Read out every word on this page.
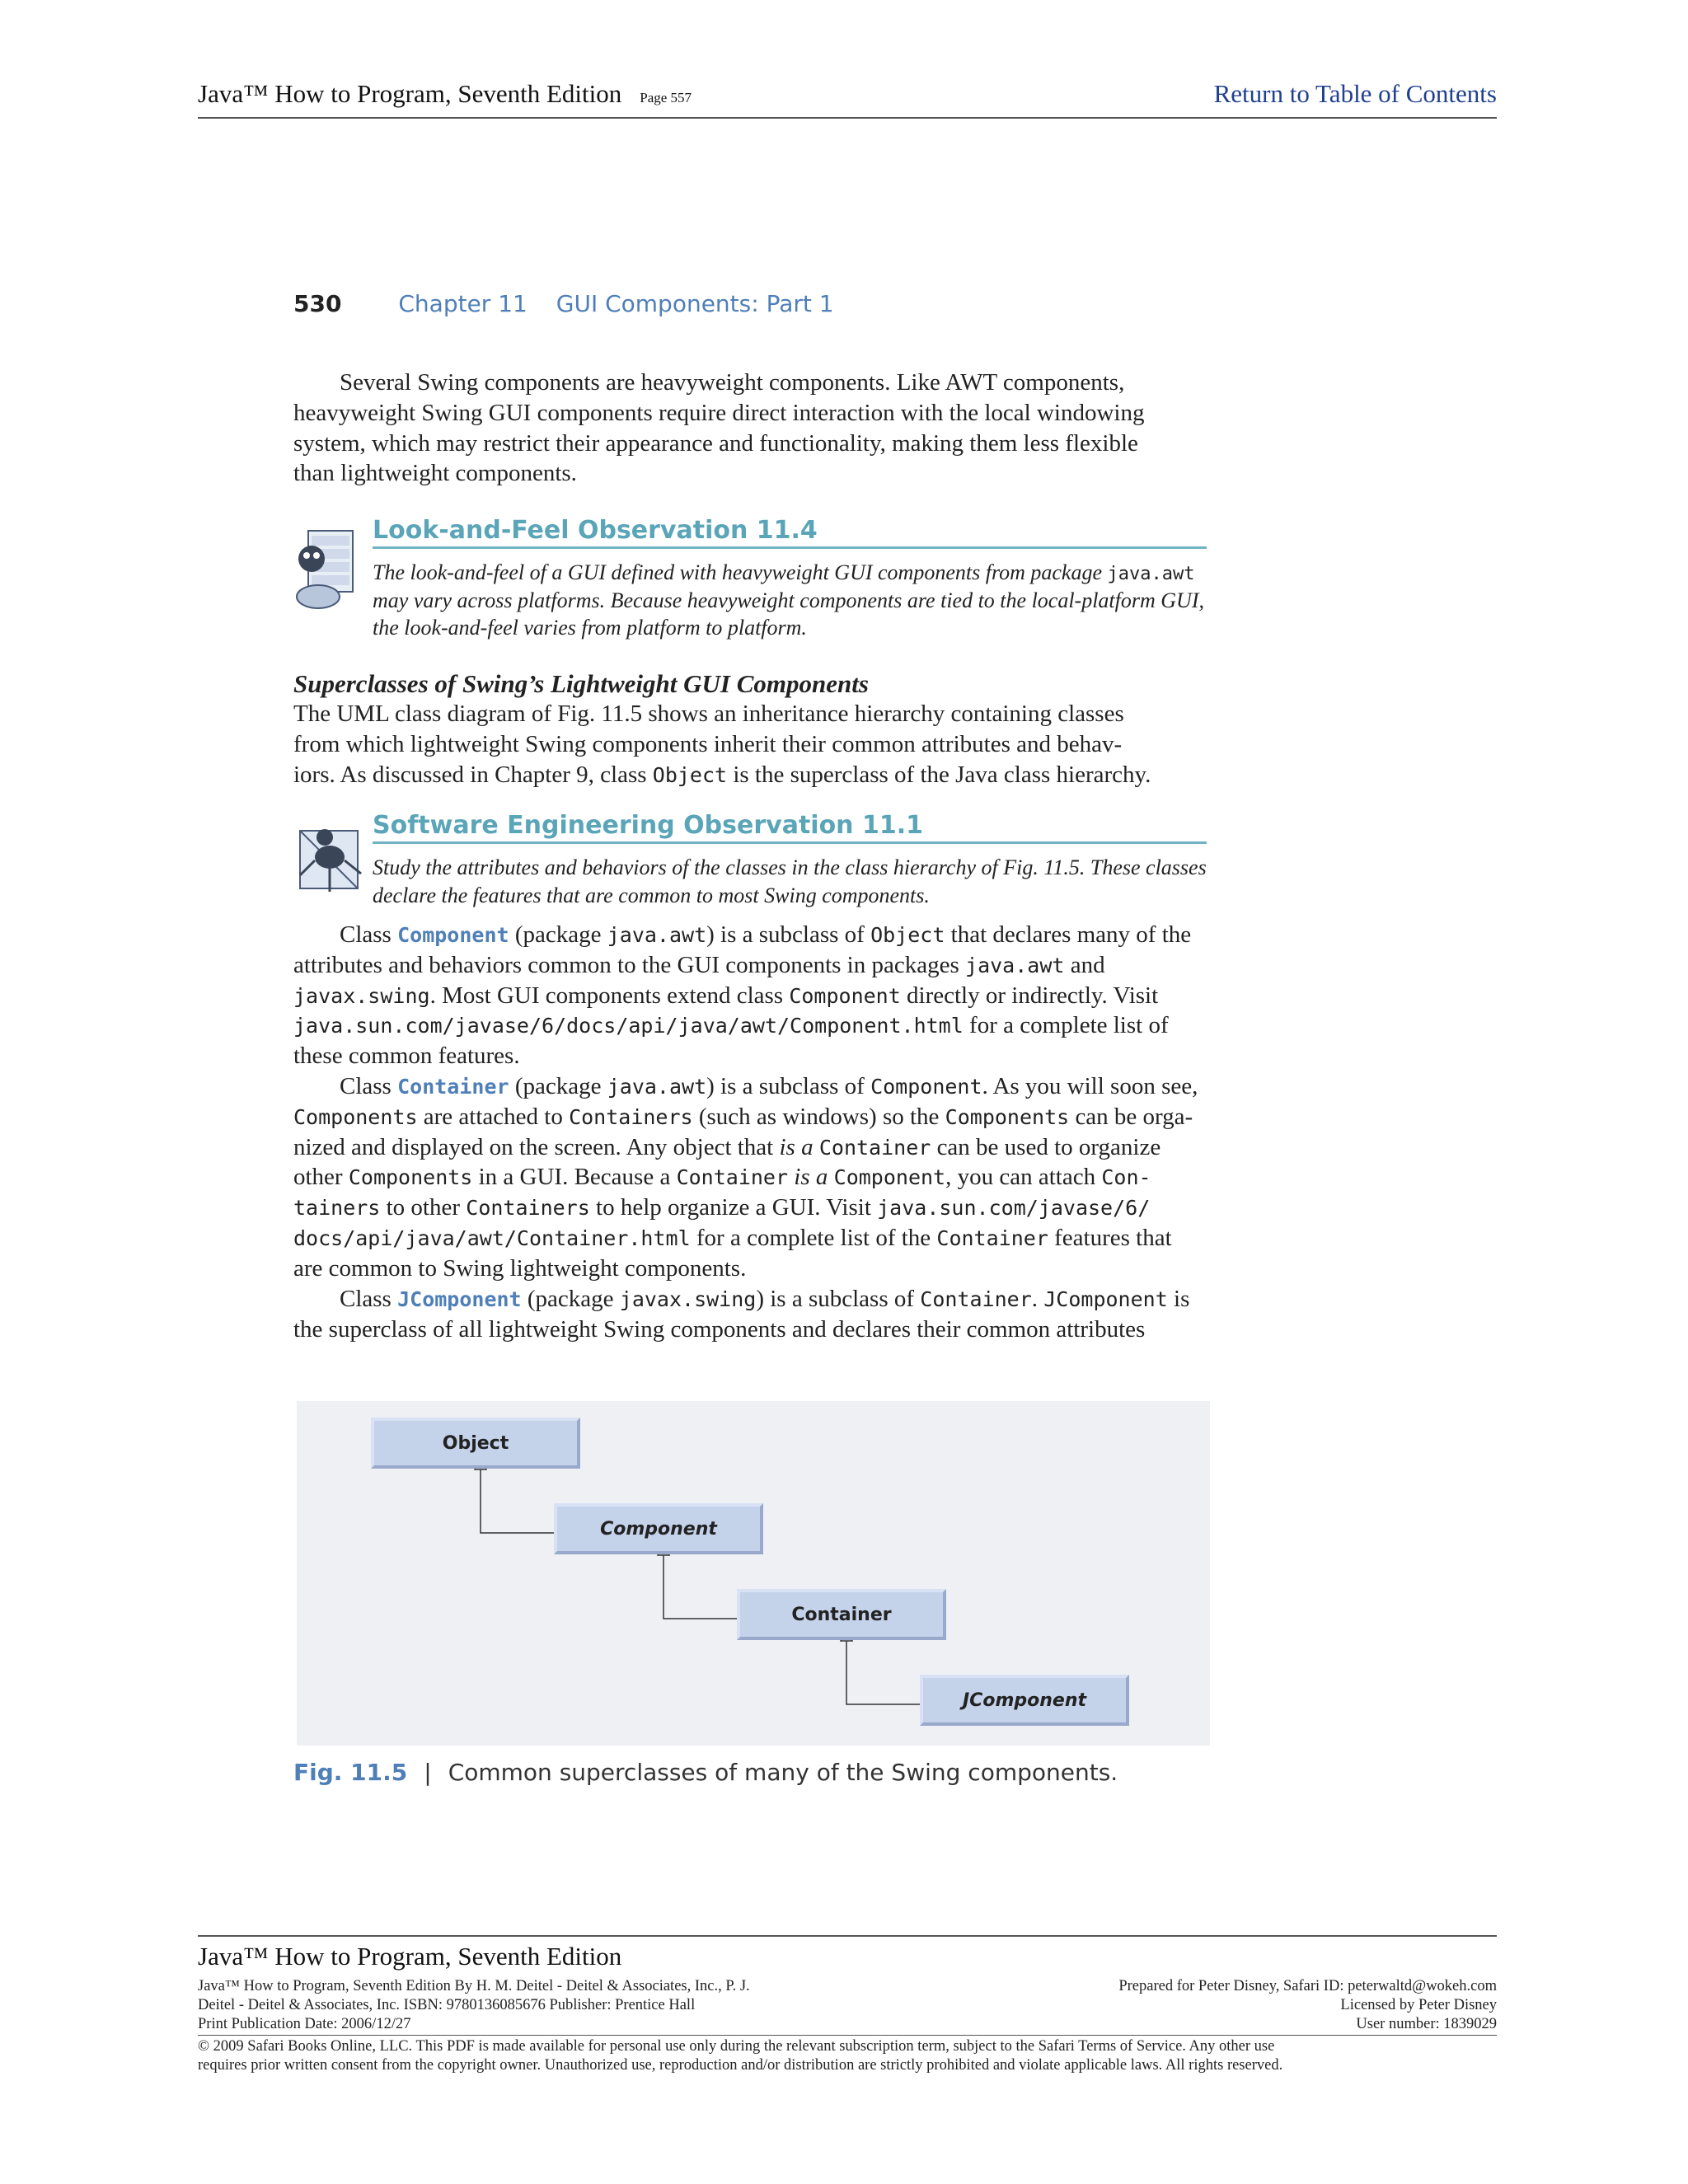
Java™ How to Program, Seventh Edition Page 557	Return to Table of Contents
530 Chapter 11 GUI Components: Part 1
Several Swing components are heavyweight components. Like AWT components,
heavyweight Swing GUI components require direct interaction with the local windowing
system, which may restrict their appearance and functionality, making them less flexible
than lightweight components.
Look-and-Feel Observation 11.4
The look-and-feel of a GUI defined with heavyweight GUI components from package java.awt
may vary across platforms. Because heavyweight components are tied to the local-platform GUI,
the look-and-feel varies from platform to platform.
Superclasses of Swing’s Lightweight GUI Components
The UML class diagram of Fig. 11.5 shows an inheritance hierarchy containing classes
from which lightweight Swing components inherit their common attributes and behav-
iors. As discussed in Chapter 9, class Object is the superclass of the Java class hierarchy.
Software Engineering Observation 11.1
Study the attributes and behaviors of the classes in the class hierarchy of Fig. 11.5. These classes
declare the features that are common to most Swing components.
Class Component (package java.awt) is a subclass of Object that declares many of the
attributes and behaviors common to the GUI components in packages java.awt and
javax.swing. Most GUI components extend class Component directly or indirectly. Visit
java.sun.com/javase/6/docs/api/java/awt/Component.html for a complete list of
these common features.
Class Container (package java.awt) is a subclass of Component. As you will soon see,
Components are attached to Containers (such as windows) so the Components can be orga-
nized and displayed on the screen. Any object that is a Container can be used to organize
other Components in a GUI. Because a Container is a Component, you can attach Con-
tainers to other Containers to help organize a GUI. Visit java.sun.com/javase/6/
docs/api/java/awt/Container.html for a complete list of the Container features that
are common to Swing lightweight components.
Class JComponent (package javax.swing) is a subclass of Container. JComponent is
the superclass of all lightweight Swing components and declares their common attributes
Object
Component
Container
JComponent
Fig. 11.5 | Common superclasses of many of the Swing components.
Java™ How to Program, Seventh Edition
Java™ How to Program, Seventh Edition By H. M. Deitel - Deitel & Associates, Inc., P. J.
Deitel - Deitel & Associates, Inc. ISBN: 9780136085676 Publisher: Prentice Hall
Print Publication Date: 2006/12/27
Prepared for Peter Disney, Safari ID: peterwaltd@wokeh.com
Licensed by Peter Disney
User number: 1839029
© 2009 Safari Books Online, LLC. This PDF is made available for personal use only during the relevant subscription term, subject to the Safari Terms of Service. Any other use
requires prior written consent from the copyright owner. Unauthorized use, reproduction and/or distribution are strictly prohibited and violate applicable laws. All rights reserved.
